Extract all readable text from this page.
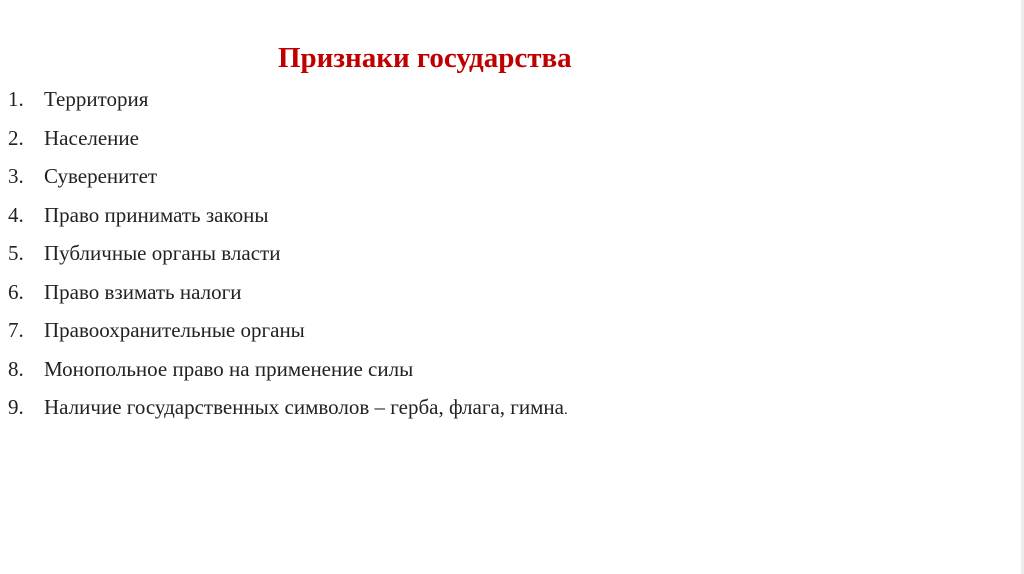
Признаки государства
1. Территория
2. Население
3. Суверенитет
4. Право принимать законы
5. Публичные органы власти
6. Право взимать налоги
7. Правоохранительные органы
8. Монопольное право на применение силы
9. Наличие государственных символов – герба, флага, гимна.
